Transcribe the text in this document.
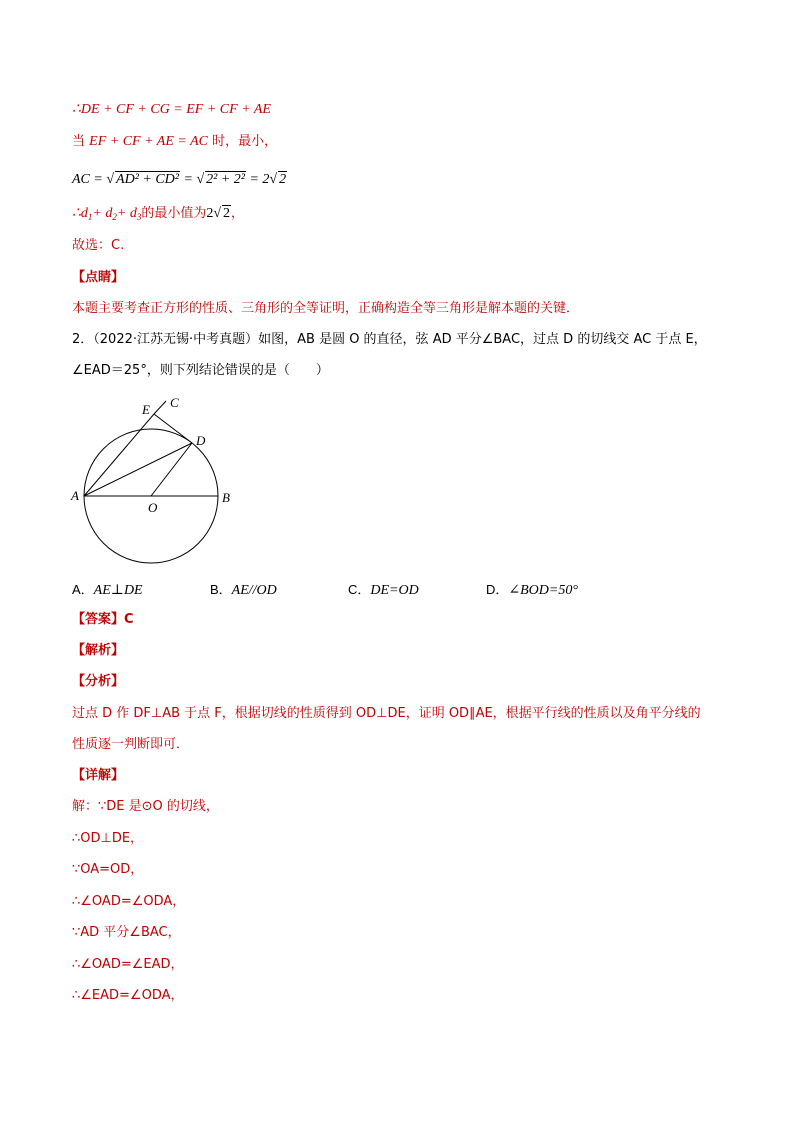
∴DE + CF + CG = EF + CF + AE
当 EF + CF + AE = AC 时，最小，
AC = √ AD² + CD² = √ 2² + 2² = 2√ 2
$\therefore d_1+ d_2+ d_3$的最小值为2√ 2，
故选：C.
【点睛】
本题主要考查正方形的性质、三角形的全等证明，正确构造全等三角形是解本题的关键．
2．（2022·江苏无锡·中考真题）如图，AB 是圆 O 的直径，弦 AD 平分∠BAC，过点 D 的切线交 AC 于点 E，
∠EAD＝25°，则下列结论错误的是（　　）
A	B
C
D
E
O
A．AE⊥DE	B．AE//OD	C．DE=OD	D．∠BOD=50°
【答案】C
【解析】
【分析】
过点 D 作 DF⊥AB 于点 F，根据切线的性质得到 OD⊥DE，证明 OD∥AE，根据平行线的性质以及角平分线的
性质逐一判断即可．
【详解】
解：∵DE 是⊙O 的切线，
∴OD⊥DE，
∵OA=OD，
∴∠OAD=∠ODA，
∵AD 平分∠BAC，
∴∠OAD=∠EAD，
∴∠EAD=∠ODA，
